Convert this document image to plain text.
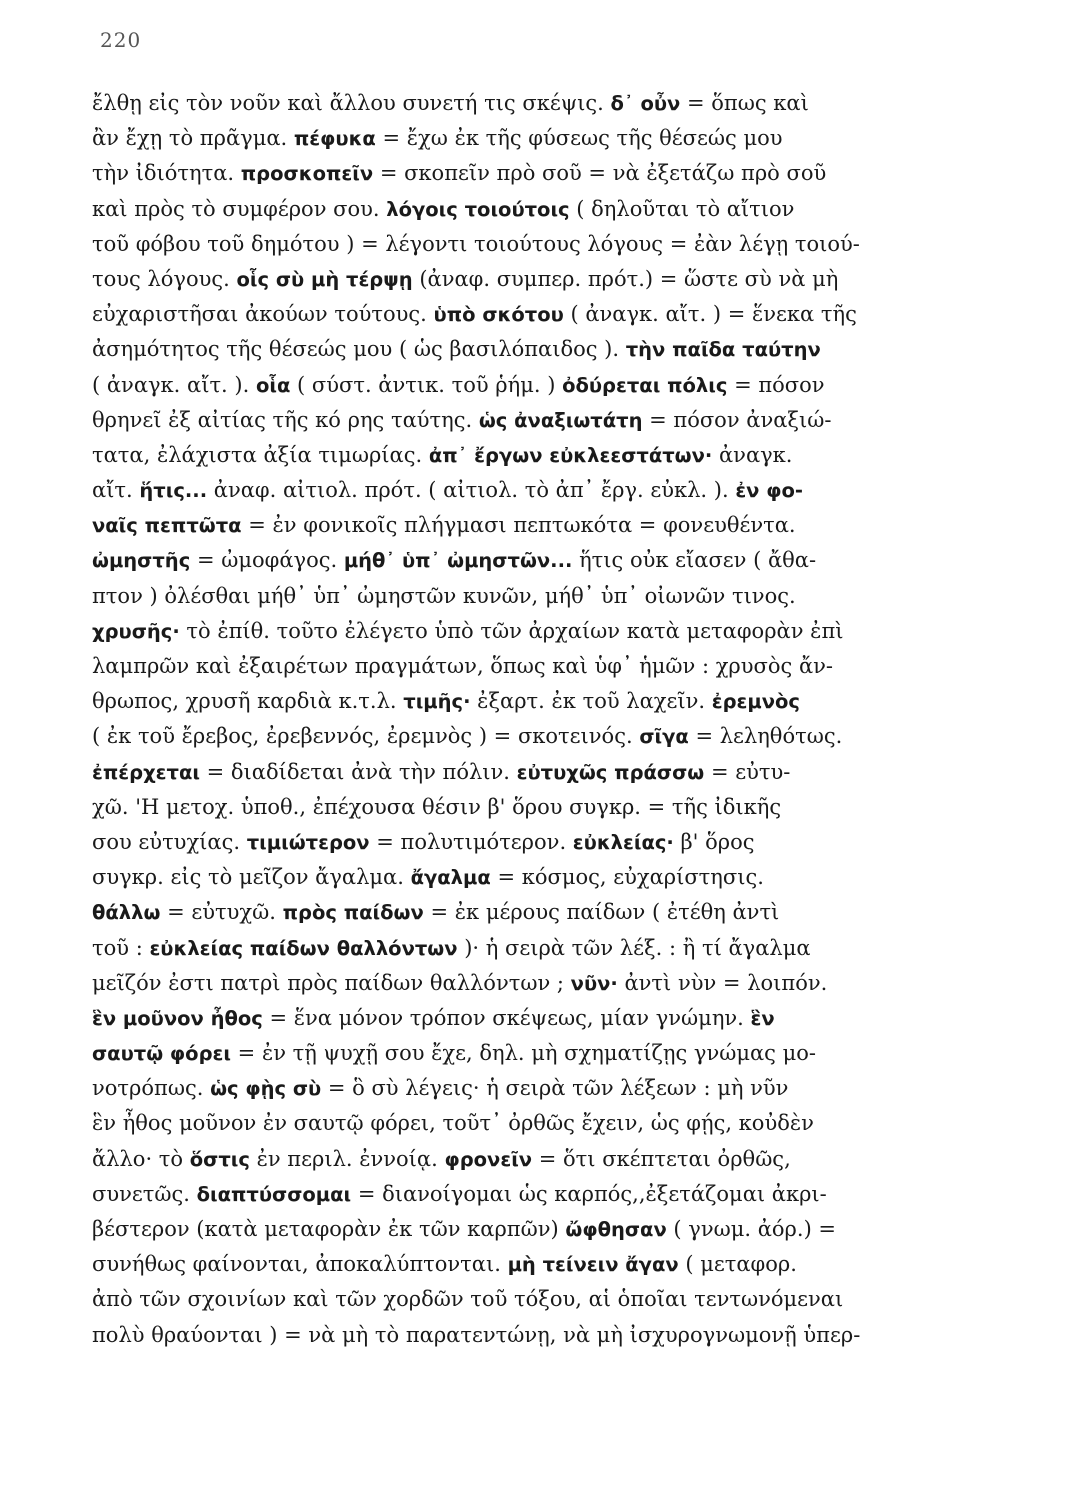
220
ἔλθῃ εἰς τὸν νοῦν καὶ ἄλλου συνετή τις σκέψις. δ᾽ οὖν = ὅπως καὶ
ἂν ἔχῃ τὸ πρᾶγμα. πέφυκα = ἔχω ἐκ τῆς φύσεως τῆς θέσεώς μου
τὴν ἰδιότητα. προσκοπεῖν = σκοπεῖν πρὸ σοῦ = νὰ ἐξετάζω πρὸ σοῦ
καὶ πρὸς τὸ συμφέρον σου. λόγοις τοιούτοις ( δηλοῦται τὸ αἴτιον
τοῦ φόβου τοῦ δημότου ) = λέγοντι τοιούτους λόγους = ἐὰν λέγῃ τοιού-
τους λόγους. οἷς σὺ μὴ τέρψῃ (ἀναφ. συμπερ. πρότ.) = ὥστε σὺ νὰ μὴ
εὐχαριστῆσαι ἀκούων τούτους. ὑπὸ σκότου ( ἀναγκ. αἴτ. ) = ἕνεκα τῆς
ἀσημότητος τῆς θέσεώς μου ( ὡς βασιλόπαιδος ). τὴν παῖδα ταύτην
( ἀναγκ. αἴτ. ). οἷα ( σύστ. ἀντικ. τοῦ ῥήμ. ) ὀδύρεται πόλις = πόσον
θρηνεῖ ἐξ αἰτίας τῆς κό ρης ταύτης. ὡς ἀναξιωτάτη = πόσον ἀναξιώ-
τατα, ἐλάχιστα ἀξία τιμωρίας. ἀπ᾽ ἔργων εὐκλεεστάτων· ἀναγκ.
αἴτ. ἥτις... ἀναφ. αἰτιολ. πρότ. ( αἰτιολ. τὸ ἀπ᾽ ἔργ. εὐκλ. ). ἐν φο-
ναῖς πεπτῶτα = ἐν φονικοῖς πλήγμασι πεπτωκότα = φονευθέντα.
ὠμηστῆς = ὠμοφάγος. μήθ᾽ ὑπ᾽ ὠμηστῶν... ἥτις οὐκ εἴασεν ( ἄθα-
πτον ) ὀλέσθαι μήθ᾽ ὑπ᾽ ὠμηστῶν κυνῶν, μήθ᾽ ὑπ᾽ οἰωνῶν τινος.
χρυσῆς· τὸ ἐπίθ. τοῦτο ἐλέγετο ὑπὸ τῶν ἀρχαίων κατὰ μεταφορὰν ἐπὶ
λαμπρῶν καὶ ἐξαιρέτων πραγμάτων, ὅπως καὶ ὑφ᾽ ἡμῶν : χρυσὸς ἄν-
θρωπος, χρυσῆ καρδιὰ κ.τ.λ. τιμῆς· ἐξαρτ. ἐκ τοῦ λαχεῖν. ἐρεμνὸς
( ἐκ τοῦ ἔρεβος, ἐρεβεννός, ἐρεμνὸς ) = σκοτεινός. σῖγα = λεληθότως.
ἐπέρχεται = διαδίδεται ἀνὰ τὴν πόλιν. εὐτυχῶς πράσσω = εὐτυ-
χῶ. 'Η μετοχ. ὑποθ., ἐπέχουσα θέσιν β' ὅρου συγκρ. = τῆς ἰδικῆς
σου εὐτυχίας. τιμιώτερον = πολυτιμότερον. εὐκλείας· β' ὅρος
συγκρ. εἰς τὸ μεῖζον ἄγαλμα. ἄγαλμα = κόσμος, εὐχαρίστησις.
θάλλω = εὐτυχῶ. πρὸς παίδων = ἐκ μέρους παίδων ( ἐτέθη ἀντὶ
τοῦ : εὐκλείας παίδων θαλλόντων )· ἡ σειρὰ τῶν λέξ. : ἢ τί ἄγαλμα
μεῖζόν ἐστι πατρὶ πρὸς παίδων θαλλόντων ; νῦν· ἀντὶ νὺν = λοιπόν.
ἓν μοῦνον ἦθος = ἕνα μόνον τρόπον σκέψεως, μίαν γνώμην. ἓν
σαυτῷ φόρει = ἐν τῇ ψυχῇ σου ἔχε, δηλ. μὴ σχηματίζῃς γνώμας μο-
νοτρόπως. ὡς φῂς σὺ = ὃ σὺ λέγεις· ἡ σειρὰ τῶν λέξεων : μὴ νῦν
ἓν ἦθος μοῦνον ἐν σαυτῷ φόρει, τοῦτ᾽ ὀρθῶς ἔχειν, ὡς φῄς, κοὐδὲν
ἄλλο· τὸ ὅστις ἐν περιλ. ἐννοίᾳ. φρονεῖν = ὅτι σκέπτεται ὀρθῶς,
συνετῶς. διαπτύσσομαι = διανοίγομαι ὡς καρπός,,ἐξετάζομαι ἀκρι-
βέστερον (κατὰ μεταφορὰν ἐκ τῶν καρπῶν) ὤφθησαν ( γνωμ. ἀόρ.) =
συνήθως φαίνονται, ἀποκαλύπτονται. μὴ τείνειν ἄγαν ( μεταφορ.
ἀπὸ τῶν σχοινίων καὶ τῶν χορδῶν τοῦ τόξου, αἱ ὁποῖαι τεντωνόμεναι
πολὺ θραύονται ) = νὰ μὴ τὸ παρατεντώνῃ, νὰ μὴ ἰσχυρογνωμονῇ ὑπερ-
